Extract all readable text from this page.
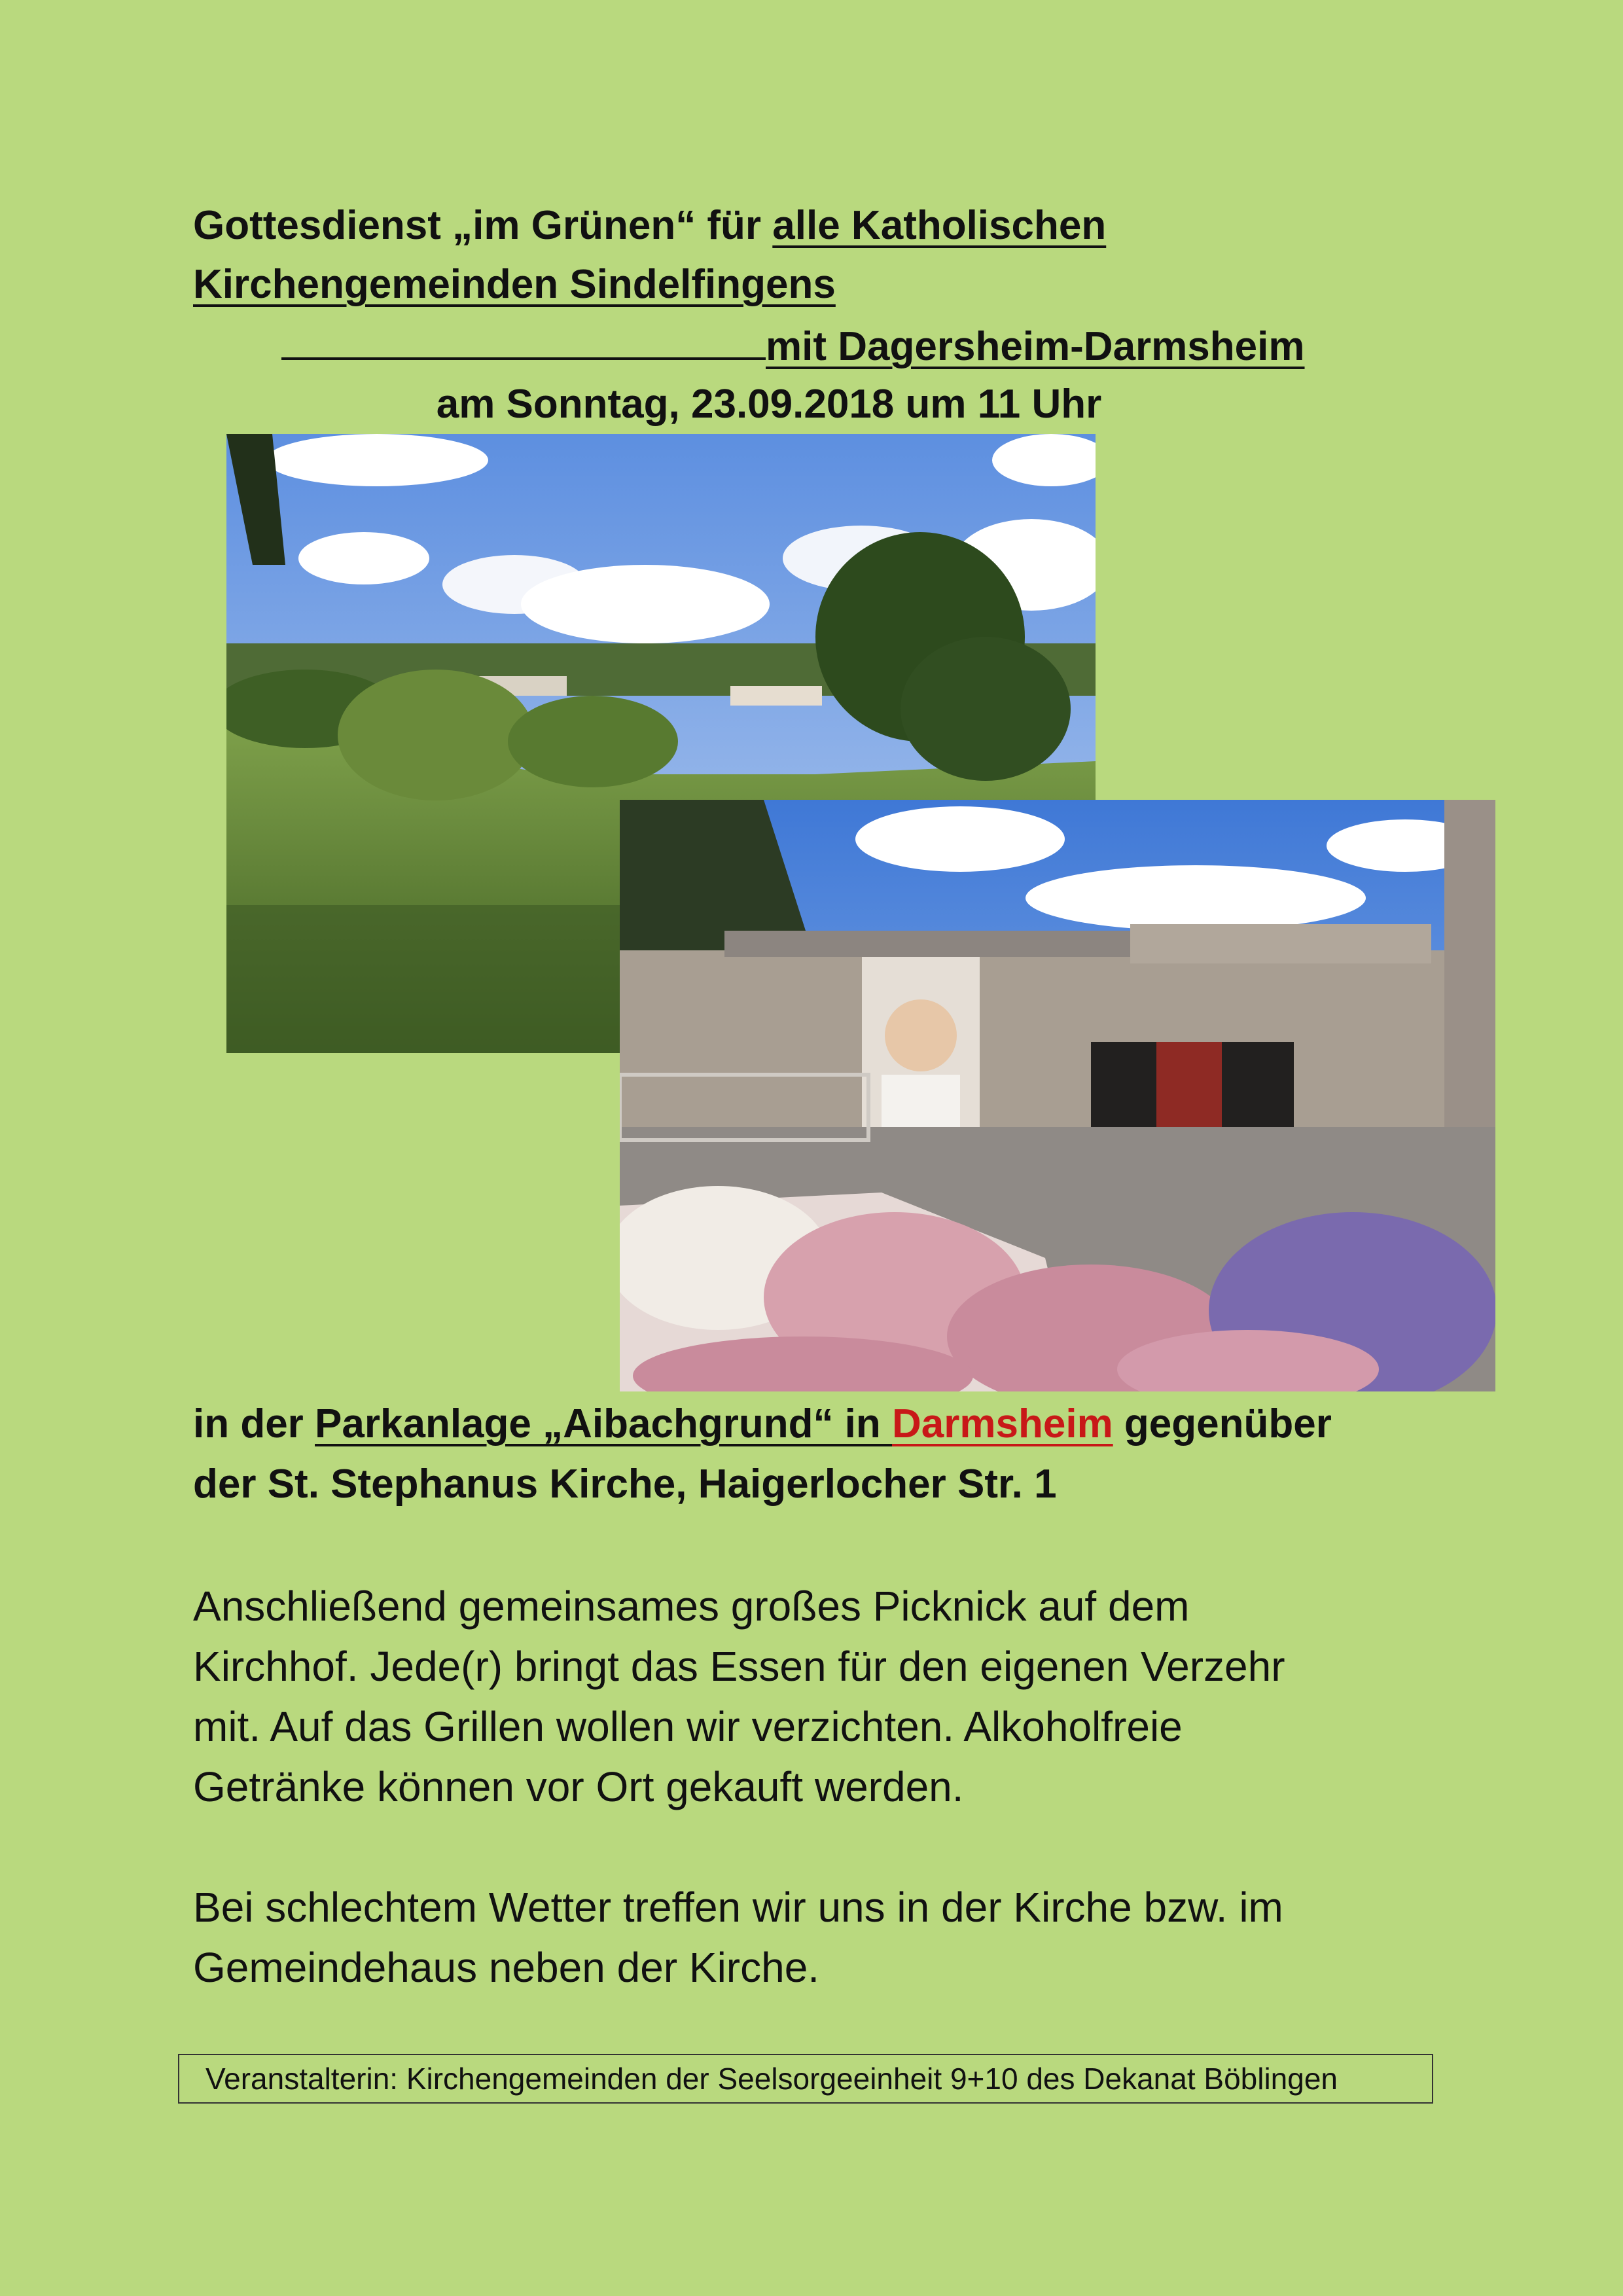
Gottesdienst „im Grünen“ für alle Katholischen
Kirchengemeinden Sindelfingens
mit Dagersheim-Darmsheim
am Sonntag, 23.09.2018 um 11 Uhr
in der Parkanlage „Aibachgrund“ in Darmsheim gegenüber
der St. Stephanus Kirche, Haigerlocher Str. 1
Anschließend gemeinsames großes Picknick auf dem
Kirchhof. Jede(r) bringt das Essen für den eigenen Verzehr
mit. Auf das Grillen wollen wir verzichten. Alkoholfreie
Getränke können vor Ort gekauft werden.
Bei schlechtem Wetter treffen wir uns in der Kirche bzw. im
Gemeindehaus neben der Kirche.
Veranstalterin: Kirchengemeinden der Seelsorgeeinheit 9+10 des Dekanat Böblingen
